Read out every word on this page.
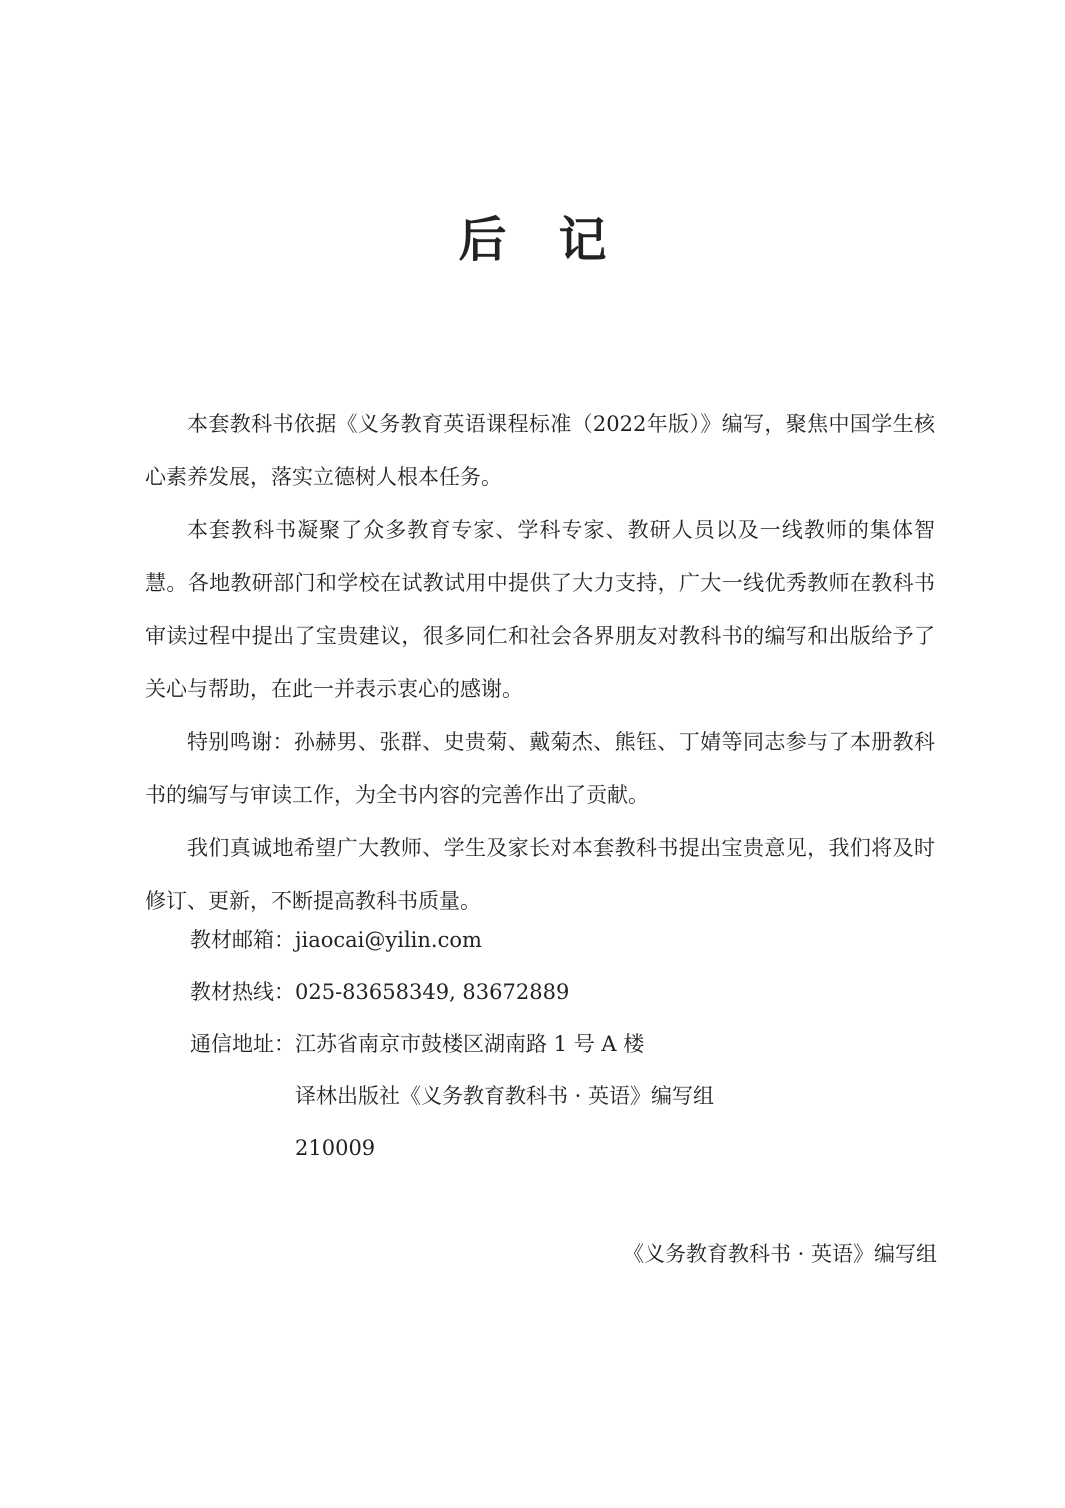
后 记

本套教科书依据《义务教育英语课程标准（2022年版）》编写，聚焦中国学生核心素养发展，落实立德树人根本任务。

本套教科书凝聚了众多教育专家、学科专家、教研人员以及一线教师的集体智慧。各地教研部门和学校在试教试用中提供了大力支持，广大一线优秀教师在教科书审读过程中提出了宝贵建议，很多同仁和社会各界朋友对教科书的编写和出版给予了关心与帮助，在此一并表示衷心的感谢。

特别鸣谢：孙赫男、张群、史贵菊、戴菊杰、熊钰、丁婧等同志参与了本册教科书的编写与审读工作，为全书内容的完善作出了贡献。

我们真诚地希望广大教师、学生及家长对本套教科书提出宝贵意见，我们将及时修订、更新，不断提高教科书质量。

教材邮箱：jiaocai@yilin.com
教材热线：025-83658349, 83672889
通信地址：江苏省南京市鼓楼区湖南路 1 号 A 楼
译林出版社《义务教育教科书 · 英语》编写组
210009
《义务教育教科书 · 英语》编写组
